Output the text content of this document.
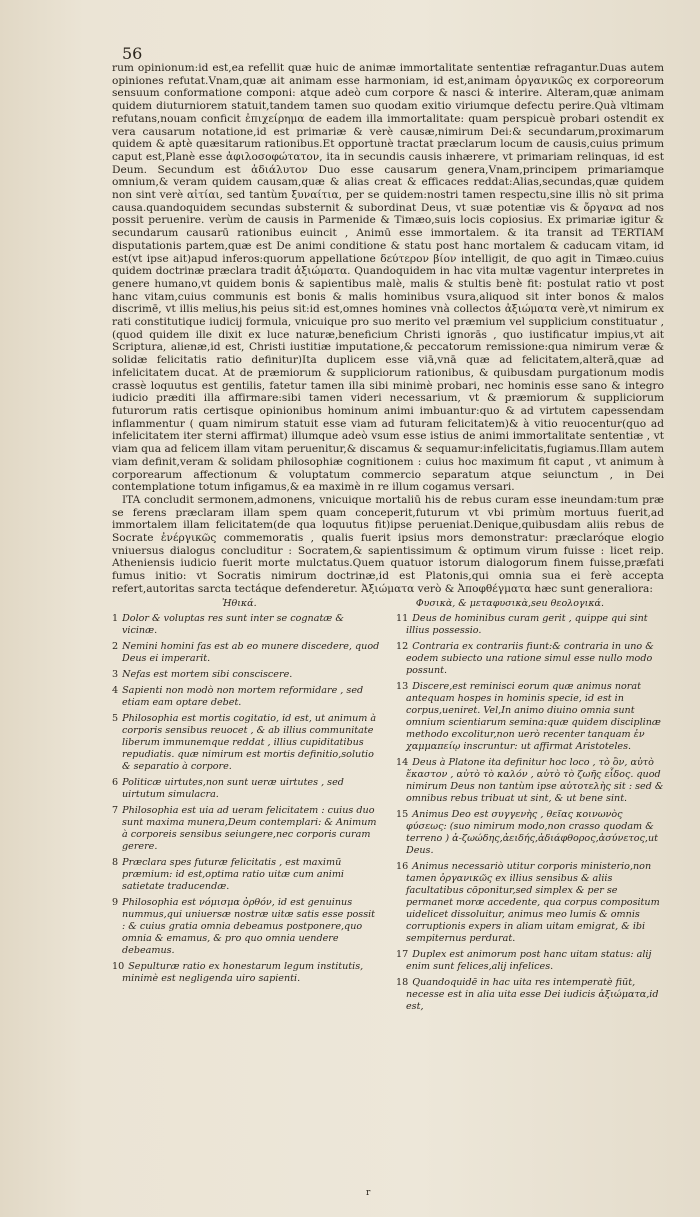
56

rum opinionum:id est,ea refellit quæ huic de animæ immortalitate sententiæ refragantur.Duas autem opiniones refutat.Vnam,quæ ait animam esse harmoniam, id est,animam ὀργανικῶς ex corporeorum sensuum conformatione componi: atque adeò cum corpore & nasci & interire. Alteram,quæ animam quidem diuturniorem statuit,tandem tamen suo quodam exitio viriumque defectu perire.Quà vltimam refutans,nouam conficit ἐπιχείρημα de eadem illa immortalitate: quam perspicuè probari ostendit ex vera causarum notatione,id est primariæ & verè causæ,nimirum Dei:& secundarum,proximarum quidem & aptè quæsitarum rationibus.Et opportunè tractat præclarum locum de causis,cuius primum caput est,Planè esse ἀφιλοσοφώτατον, ita in secundis causis inhærere, vt primariam relinquas, id est Deum. Secundum est ἀδιάλυτον Duo esse causarum genera,Vnam,principem primariamque omnium,& veram quidem causam,quæ & alias creat & efficaces reddat:Alias,secundas,quæ quidem non sint verè αἰτίαι, sed tantùm ξυναίτια, per se quidem:nostri tamen respectu,sine illis nò sit prima causa.quandoquidem secundas substernit & subordinat Deus, vt suæ potentiæ vis & ὄργανα ad nos possit peruenire. verùm de causis in Parmenide & Timæo,suis locis copiosius. Ex primariæ igitur & secundarum causarū rationibus euincit , Animū esse immortalem. & ita transit ad TERTIAM disputationis partem,quæ est De animi conditione & statu post hanc mortalem & caducam vitam, id est(vt ipse ait)apud inferos:quorum appellatione δεύτερον βίον intelligit, de quo agit in Timæo.cuius quidem doctrinæ præclara tradit ἀξιώματα. Quandoquidem in hac vita multæ vagentur interpretes in genere humano,vt quidem bonis & sapientibus malè, malis & stultis benè fit: postulat ratio vt post hanc vitam,cuius communis est bonis & malis hominibus vsura,aliquod sit inter bonos & malos discrimē, vt illis melius,his peius sit:id est,omnes homines vnà collectos ἀξιώματα verè,vt nimirum ex rati constitutique iudicij formula, vnicuique pro suo merito vel præmium vel supplicium constituatur , (quod quidem ille dixit ex luce naturæ,beneficium Christi ignorās , quo iustificatur impius,vt ait Scriptura, alienæ,id est, Christi iustitiæ imputatione,& peccatorum remissione:qua nimirum veræ & solidæ felicitatis ratio definitur)Ita duplicem esse viā,vnā quæ ad felicitatem,alterā,quæ ad infelicitatem ducat. At de præmiorum & suppliciorum rationibus, & quibusdam purgationum modis crassè loquutus est gentilis, fatetur tamen illa sibi minimè probari, nec hominis esse sano & integro iudicio præditi illa affirmare:sibi tamen videri necessarium, vt & præmiorum & suppliciorum futurorum ratis certisque opinionibus hominum animi imbuantur:quo & ad virtutem capessendam inflammentur ( quam nimirum statuit esse viam ad futuram felicitatem)& à vitio reuocentur(quo ad infelicitatem iter sterni affirmat) illumque adeò vsum esse istius de animi immortalitate sententiæ , vt viam qua ad felicem illam vitam peruenitur,& discamus & sequamur:infelicitatis,fugiamus.Illam autem viam definit,veram & solidam philosophiæ cognitionem : cuius hoc maximum fit caput , vt animum à corporearum affectionum & voluptatum commercio separatum atque seiunctum , in Dei contemplatione totum infigamus,& ea maximè in re illum cogamus versari.

ITA concludit sermonem,admonens, vnicuique mortaliū his de rebus curam esse ineundam:tum præ se ferens præclaram illam spem quam conceperit,futurum vt vbi primùm mortuus fuerit,ad immortalem illam felicitatem(de qua loquutus fit)ipse perueniat.Denique,quibusdam aliis rebus de Socrate ἐνέργικῶς commemoratis , qualis fuerit ipsius mors demonstratur: præclaróque elogio vniuersus dialogus concluditur : Socratem,& sapientissimum & optimum virum fuisse : licet reip. Atheniensis iudicio fuerit morte mulctatus.Quem quatuor istorum dialogorum finem fuisse,præfati fumus initio: vt Socratis nimirum doctrinæ,id est Platonis,qui omnia sua ei ferè accepta refert,autoritas sarcta tectáque defenderetur. Ἀξιώματα verò & Ἀποφθέγματα hæc sunt generaliora:

Ἠθικά.	Φυσικὰ, & μεταφυσικὰ,seu θεολογικά.
1 Dolor & voluptas res sunt inter se cognatæ & vicinæ.
2 Nemini homini fas est ab eo munere discedere, quod Deus ei imperarit.
3 Nefas est mortem sibi consciscere.
4 Sapienti non modò non mortem reformidare , sed etiam eam optare debet.
5 Philosophia est mortis cogitatio, id est, ut animum à corporis sensibus reuocet , & ab illius communitate liberum immunemque reddat , illius cupiditatibus repudiatis. quæ nimirum est mortis definitio,solutio & separatio à corpore.
6 Politicæ uirtutes,non sunt ueræ uirtutes , sed uirtutum simulacra.
7 Philosophia est uia ad ueram felicitatem : cuius duo sunt maxima munera,Deum contemplari: & Animum à corporeis sensibus seiungere,nec corporis curam gerere.
8 Præclara spes futuræ felicitatis , est maximū præmium: id est,optima ratio uitæ cum animi satietate traducendæ.
9 Philosophia est νόμισμα ὀρθόν, id est genuinus nummus,qui uniuersæ nostræ uitæ satis esse possit : & cuius gratia omnia debeamus postponere,quo omnia & emamus, & pro quo omnia uendere debeamus.
10 Sepulturæ ratio ex honestarum legum institutis, minimè est negligenda uiro sapienti.
11 Deus de hominibus curam gerit , quippe qui sint illius possessio.
12 Contraria ex contrariis fiunt:& contraria in uno & eodem subiecto una ratione simul esse nullo modo possunt.
13 Discere,est reminisci eorum quæ animus norat antequam hospes in hominis specie, id est in corpus,ueniret. Vel,In animo diuino omnia sunt omnium scientiarum semina:quæ quidem disciplinæ methodo excolitur,non uerò recenter tanquam ἐν χαμμαπείῳ inscruntur: ut affirmat Aristoteles.
14 Deus à Platone ita definitur hoc loco , τὸ ὂν, αὐτὸ ἕκαστον , αὐτὸ τὸ καλόν , αὐτὸ τὸ ζωῆς εἶδος. quod nimirum Deus non tantùm ipse αὐτοτελὴς sit : sed & omnibus rebus tribuat ut sint, & ut bene sint.
15 Animus Deo est συγγενὴς , θεῖας κοινωνὸς φύσεως: (suo nimirum modo,non crasso quodam & terreno ) ἀ-ζωώδης,ἀειδής,ἀδιάφθορος,ἀσύνετος,ut Deus.
16 Animus necessariò utitur corporis ministerio,non tamen ὀργανικῶς ex illius sensibus & aliis facultatibus cōponitur,sed simplex & per se permanet moræ accedente, qua corpus compositum uidelicet dissoluitur, animus meo lumis & omnis corruptionis expers in aliam uitam emigrat, & ibi sempiternus perdurat.
17 Duplex est animorum post hanc uitam status: alij enim sunt felices,alij infelices.
18 Quandoquidē in hac uita res intemperatè fiūt, necesse est in alia uita esse Dei iudicis ἀξιώματα,id est,
r
